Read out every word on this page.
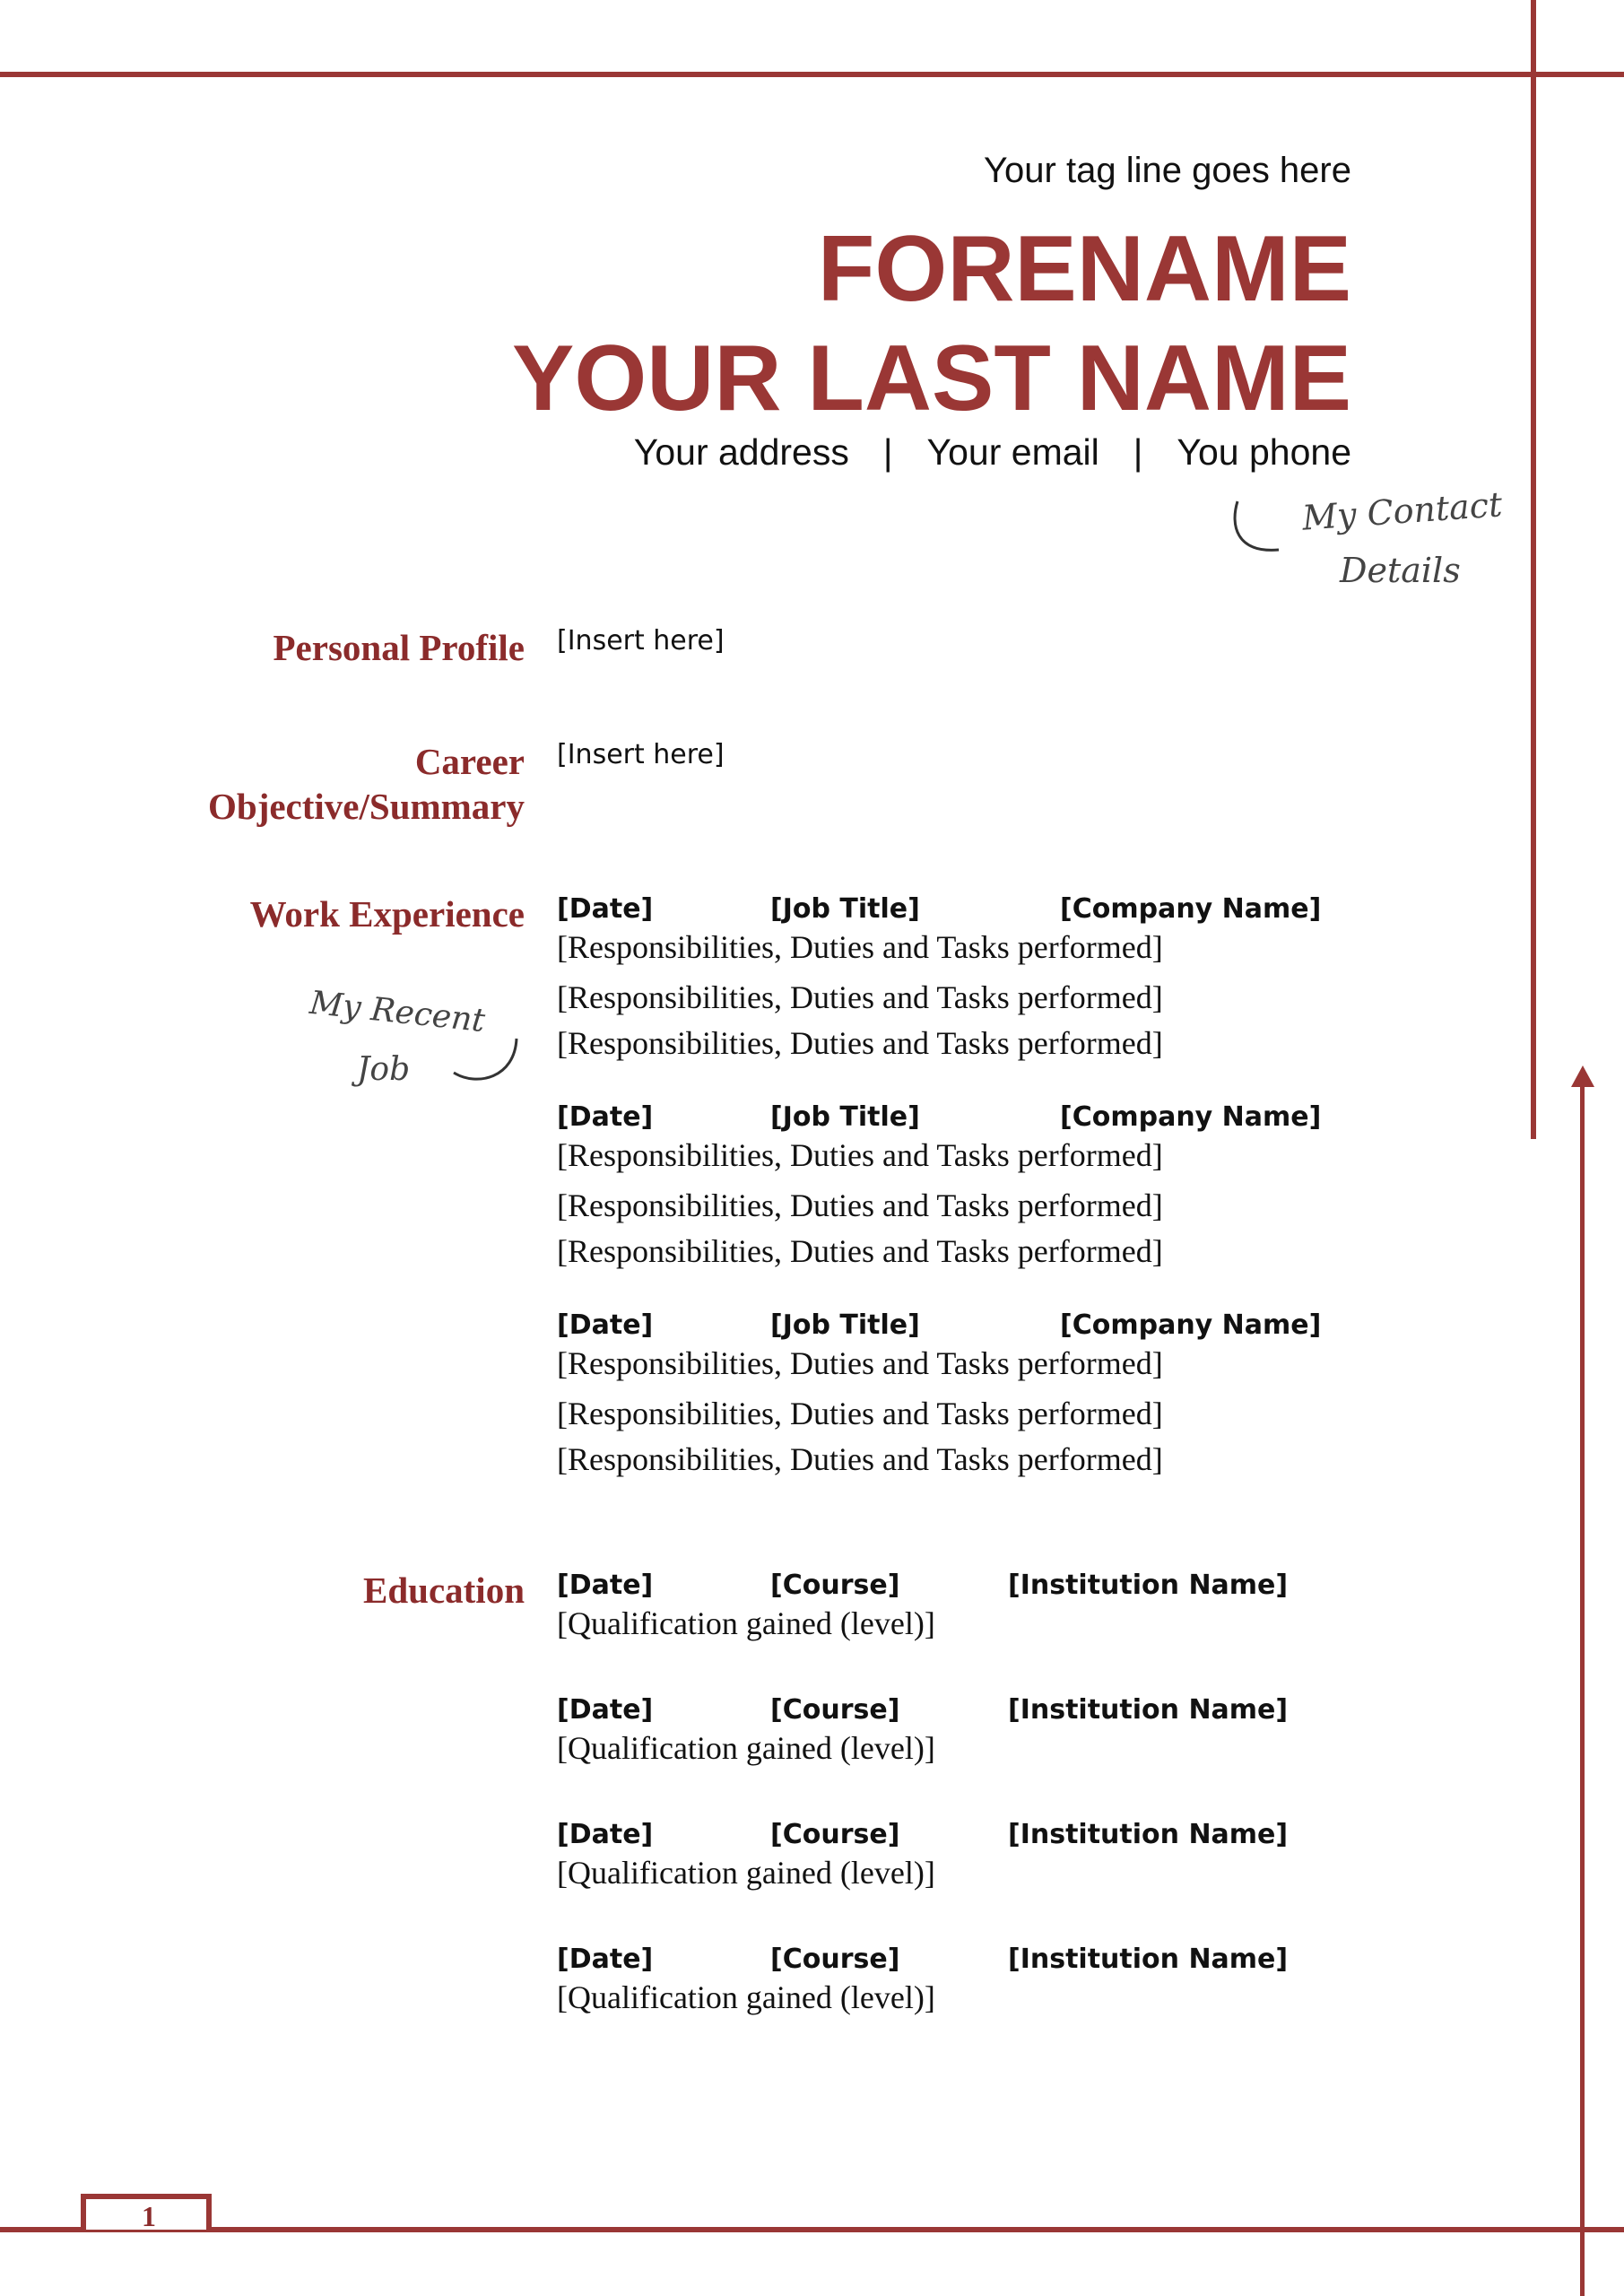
1
Your tag line goes here
FORENAME
YOUR LAST NAME
Your address | Your email | You phone
My Contact
Details
Personal Profile [Insert here]
Career
Objective/Summary
[Insert here]
Work Experience
My Recent
Job
[Date]	[Job Title]	[Company Name]
[Responsibilities, Duties and Tasks performed]
[Responsibilities, Duties and Tasks performed]
[Responsibilities, Duties and Tasks performed]
[Date]	[Job Title]	[Company Name]
[Responsibilities, Duties and Tasks performed]
[Responsibilities, Duties and Tasks performed]
[Responsibilities, Duties and Tasks performed]
[Date]	[Job Title]	[Company Name]
[Responsibilities, Duties and Tasks performed]
[Responsibilities, Duties and Tasks performed]
[Responsibilities, Duties and Tasks performed]
Education [Date]	[Course]	[Institution Name]
[Qualification gained (level)]
[Date]	[Course]	[Institution Name]
[Qualification gained (level)]
[Date]	[Course]	[Institution Name]
[Qualification gained (level)]
[Date]	[Course]	[Institution Name]
[Qualification gained (level)]
